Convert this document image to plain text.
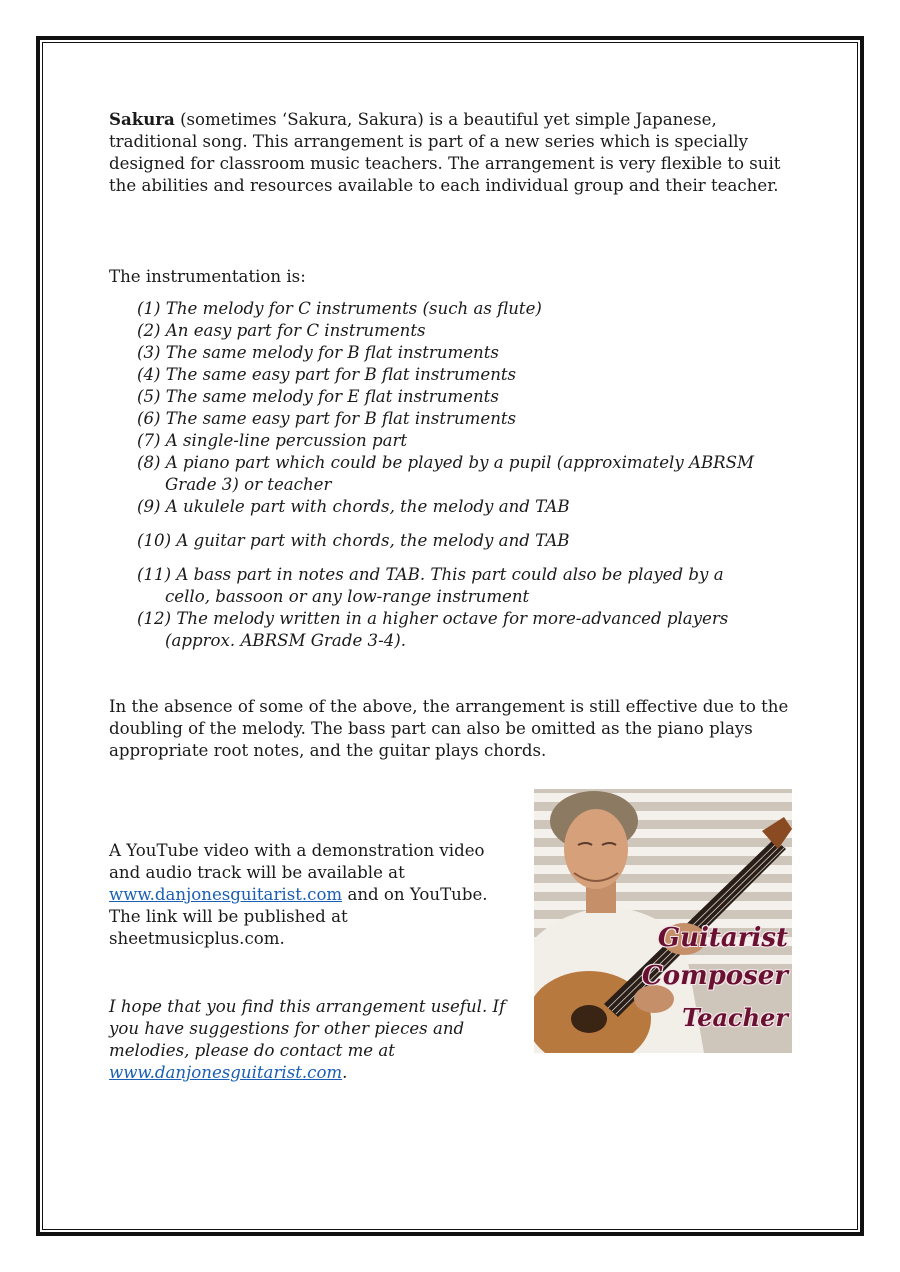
Sakura (sometimes ‘Sakura, Sakura) is a beautiful yet simple Japanese, traditional song. This arrangement is part of a new series which is specially designed for classroom music teachers. The arrangement is very flexible to suit the abilities and resources available to each individual group and their teacher.

The instrumentation is:

(1) The melody for C instruments (such as flute)
(2) An easy part for C instruments
(3) The same melody for B flat instruments
(4) The same easy part for B flat instruments
(5) The same melody for E flat instruments
(6) The same easy part for B flat instruments
(7) A single-line percussion part
(8) A piano part which could be played by a pupil (approximately ABRSM
Grade 3) or teacher
(9) A ukulele part with chords, the melody and TAB
(10) A guitar part with chords, the melody and TAB
(11) A bass part in notes and TAB. This part could also be played by a
cello, bassoon or any low-range instrument
(12) The melody written in a higher octave for more-advanced players
(approx. ABRSM Grade 3-4).

In the absence of some of the above, the arrangement is still effective due to the doubling of the melody. The bass part can also be omitted as the piano plays appropriate root notes, and the guitar plays chords.

A YouTube video with a demonstration video and audio track will be available at www.danjonesguitarist.com and on YouTube. The link will be published at sheetmusicplus.com.

I hope that you find this arrangement useful. If you have suggestions for other pieces and melodies, please do contact me at www.danjonesguitarist.com.

Guitarist
Composer
Teacher
